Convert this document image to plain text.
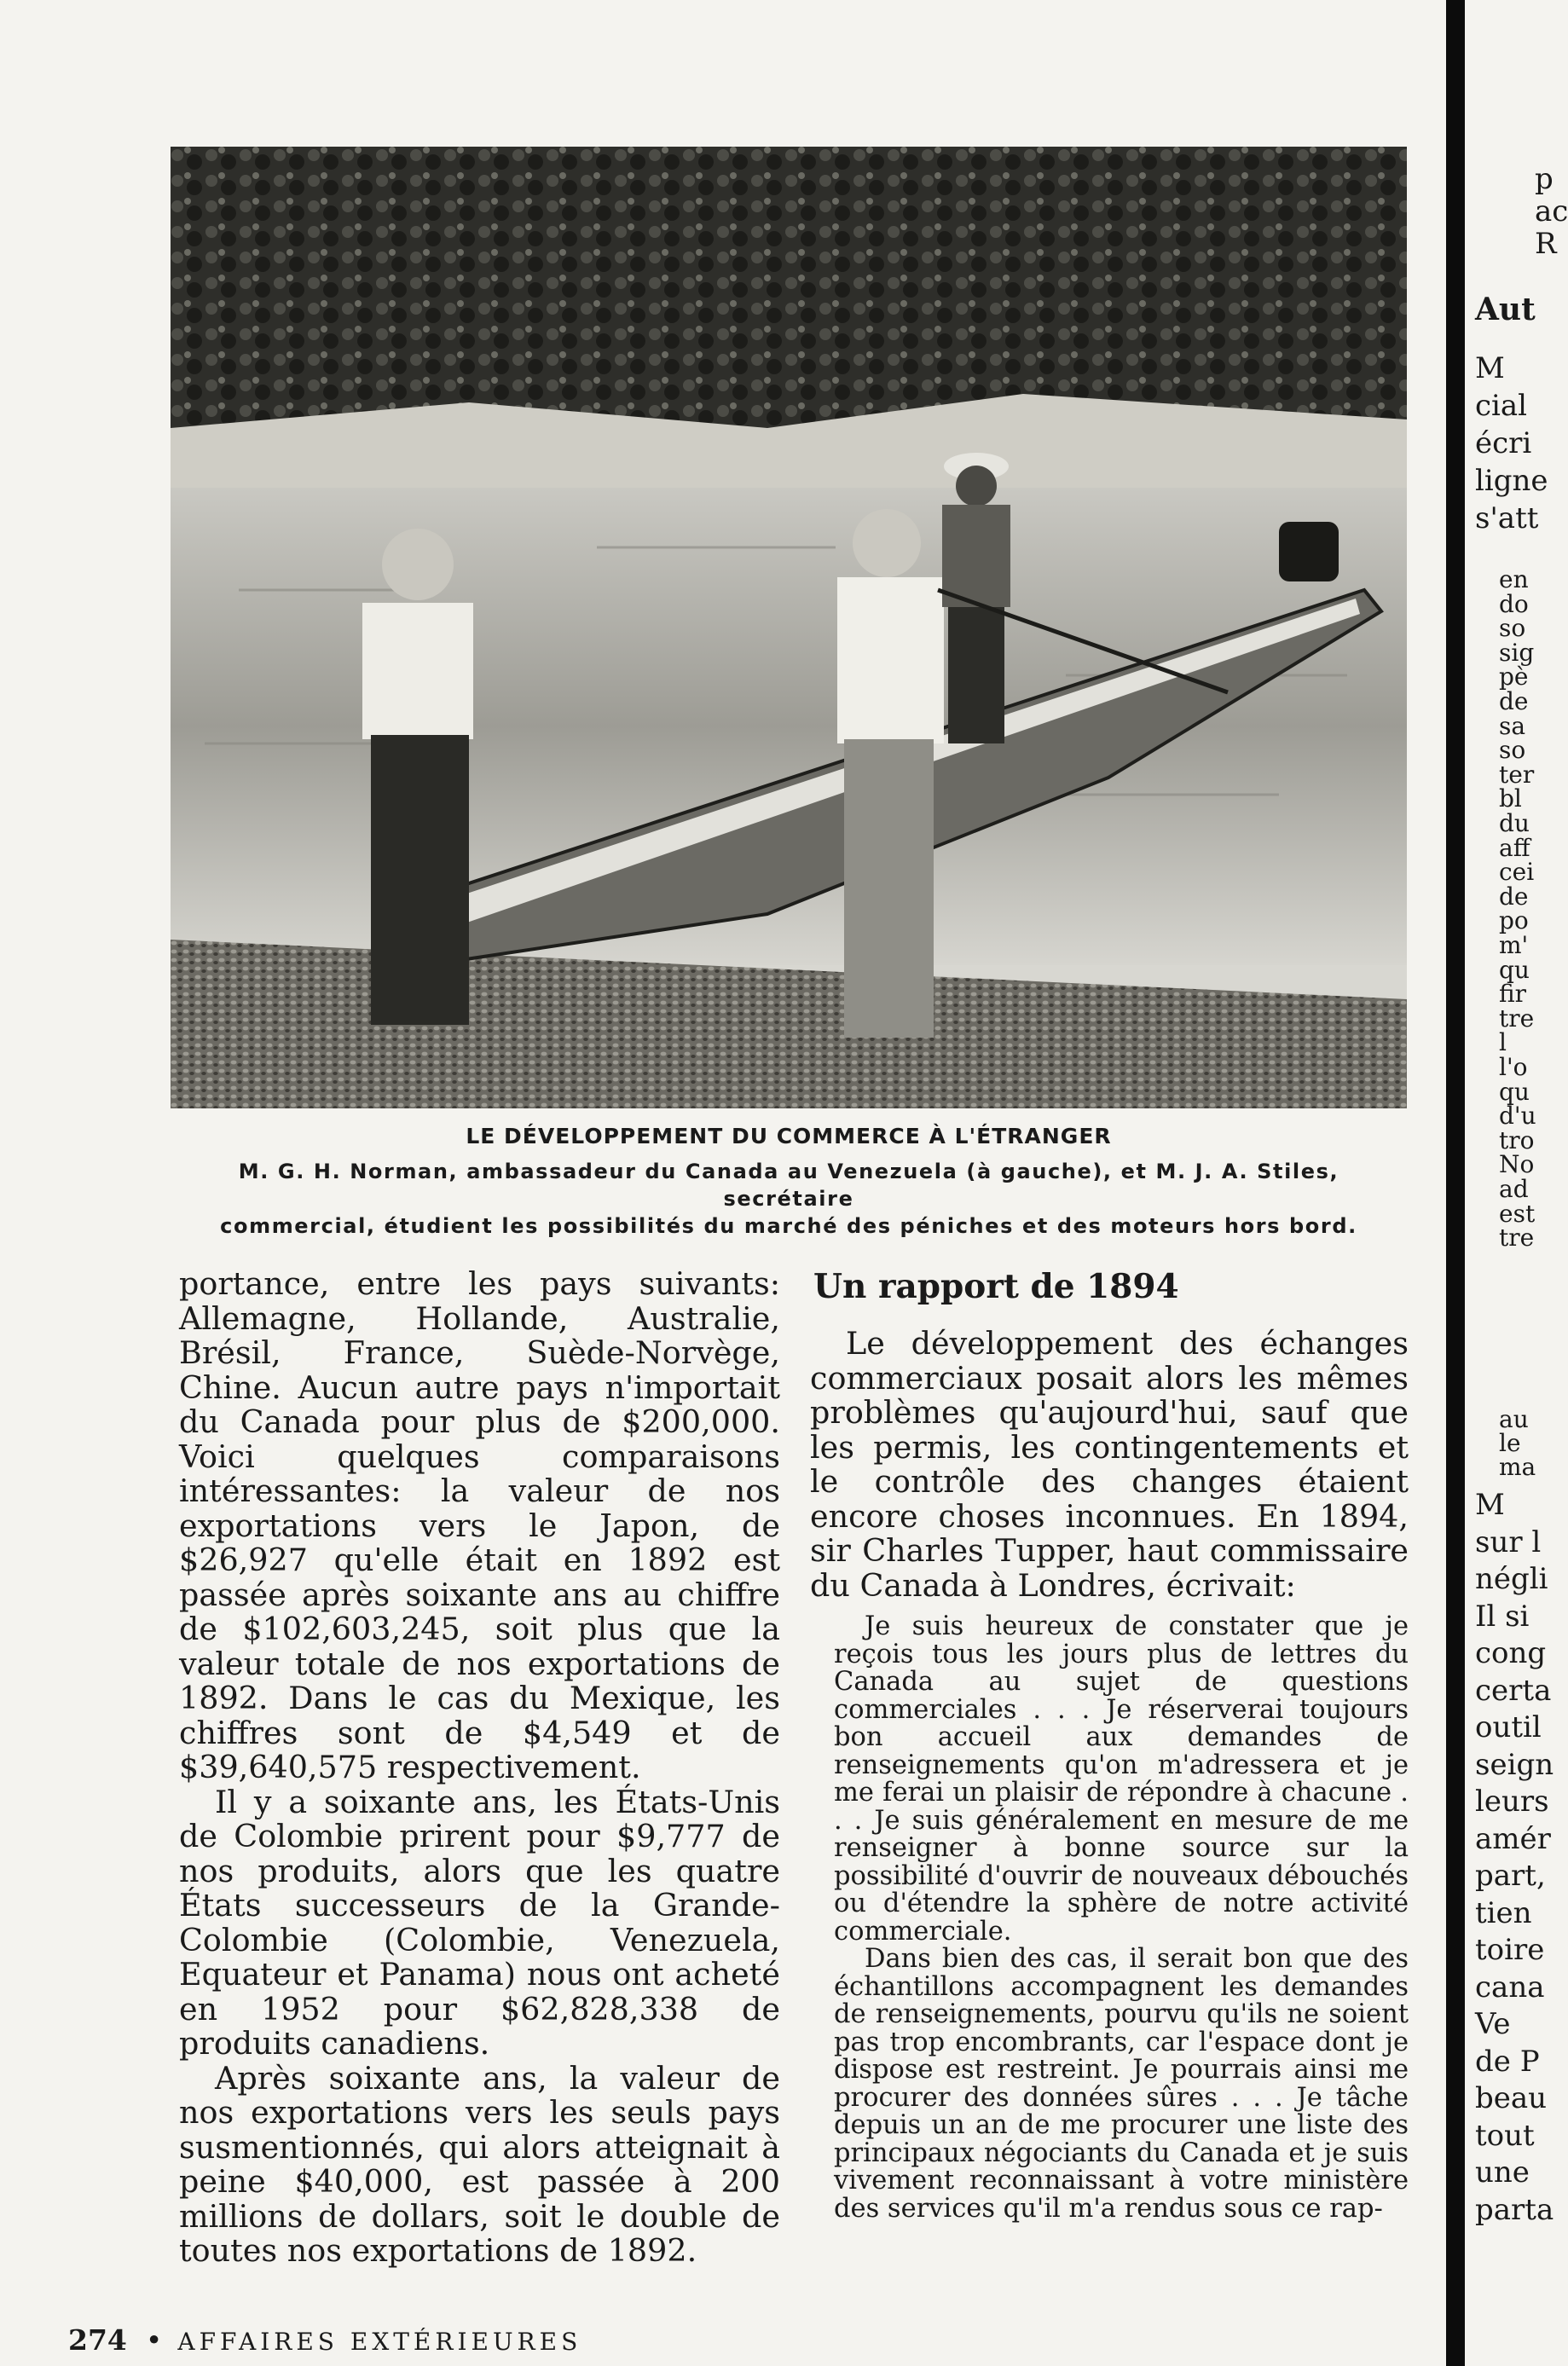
LE DÉVELOPPEMENT DU COMMERCE À L'ÉTRANGER
M. G. H. Norman, ambassadeur du Canada au Venezuela (à gauche), et M. J. A. Stiles, secrétaire
commercial, étudient les possibilités du marché des péniches et des moteurs hors bord.

portance, entre les pays suivants: Allemagne, Hollande, Australie, Brésil, France, Suède-Norvège, Chine. Aucun autre pays n'importait du Canada pour plus de $200,000. Voici quelques comparaisons intéressantes: la valeur de nos exportations vers le Japon, de $26,927 qu'elle était en 1892 est passée après soixante ans au chiffre de $102,603,245, soit plus que la valeur totale de nos exportations de 1892. Dans le cas du Mexique, les chiffres sont de $4,549 et de $39,640,575 respectivement.

Il y a soixante ans, les États-Unis de Colombie prirent pour $9,777 de nos produits, alors que les quatre États successeurs de la Grande-Colombie (Colombie, Venezuela, Equateur et Panama) nous ont acheté en 1952 pour $62,828,338 de produits canadiens.

Après soixante ans, la valeur de nos exportations vers les seuls pays susmentionnés, qui alors atteignait à peine $40,000, est passée à 200 millions de dollars, soit le double de toutes nos exportations de 1892.

Un rapport de 1894

Le développement des échanges commerciaux posait alors les mêmes problèmes qu'aujourd'hui, sauf que les permis, les contingentements et le contrôle des changes étaient encore choses inconnues. En 1894, sir Charles Tupper, haut commissaire du Canada à Londres, écrivait:

Je suis heureux de constater que je reçois tous les jours plus de lettres du Canada au sujet de questions commerciales . . . Je réserverai toujours bon accueil aux demandes de renseignements qu'on m'adressera et je me ferai un plaisir de répondre à chacune . . . Je suis généralement en mesure de me renseigner à bonne source sur la possibilité d'ouvrir de nouveaux débouchés ou d'étendre la sphère de notre activité commerciale.

Dans bien des cas, il serait bon que des échantillons accompagnent les demandes de renseignements, pourvu qu'ils ne soient pas trop encombrants, car l'espace dont je dispose est restreint. Je pourrais ainsi me procurer des données sûres . . . Je tâche depuis un an de me procurer une liste des principaux négociants du Canada et je suis vivement reconnaissant à votre ministère des services qu'il m'a rendus sous ce rap-

274 • AFFAIRES EXTÉRIEURES
p
ac
R
Aut
M
cial
écri
ligne
s'att
en
do
so
sig
pè
de
sa
so
ter
bl
du
aff
cei
de
po
m'
qu
fir
tre
l
l'o
qu
d'u
tro
No
ad
est
tre
au
le
ma
M
sur l
négli
Il si
cong
certa
outil
seign
leurs
amér
part,
tien
toire
cana
Ve
de P
beau
tout
une
parta
